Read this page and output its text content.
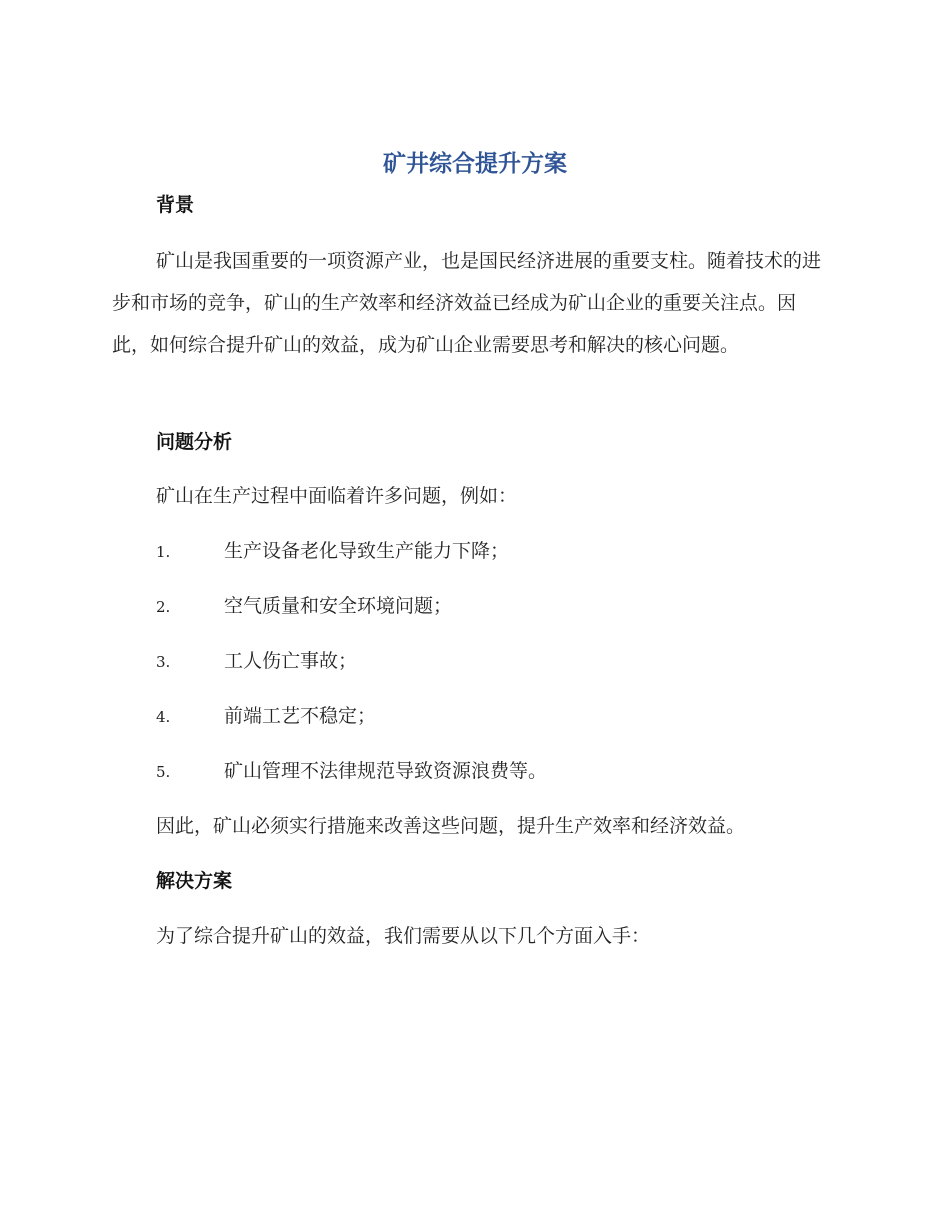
矿井综合提升方案
背景

矿山是我国重要的一项资源产业，也是国民经济进展的重要支柱。随着技术的进步和市场的竞争，矿山的生产效率和经济效益已经成为矿山企业的重要关注点。因此，如何综合提升矿山的效益，成为矿山企业需要思考和解决的核心问题。

问题分析

矿山在生产过程中面临着许多问题，例如：

1.	生产设备老化导致生产能力下降；
2.	空气质量和安全环境问题；
3.	工人伤亡事故；
4.	前端工艺不稳定；
5.	矿山管理不法律规范导致资源浪费等。

因此，矿山必须实行措施来改善这些问题，提升生产效率和经济效益。

解决方案

为了综合提升矿山的效益，我们需要从以下几个方面入手：
